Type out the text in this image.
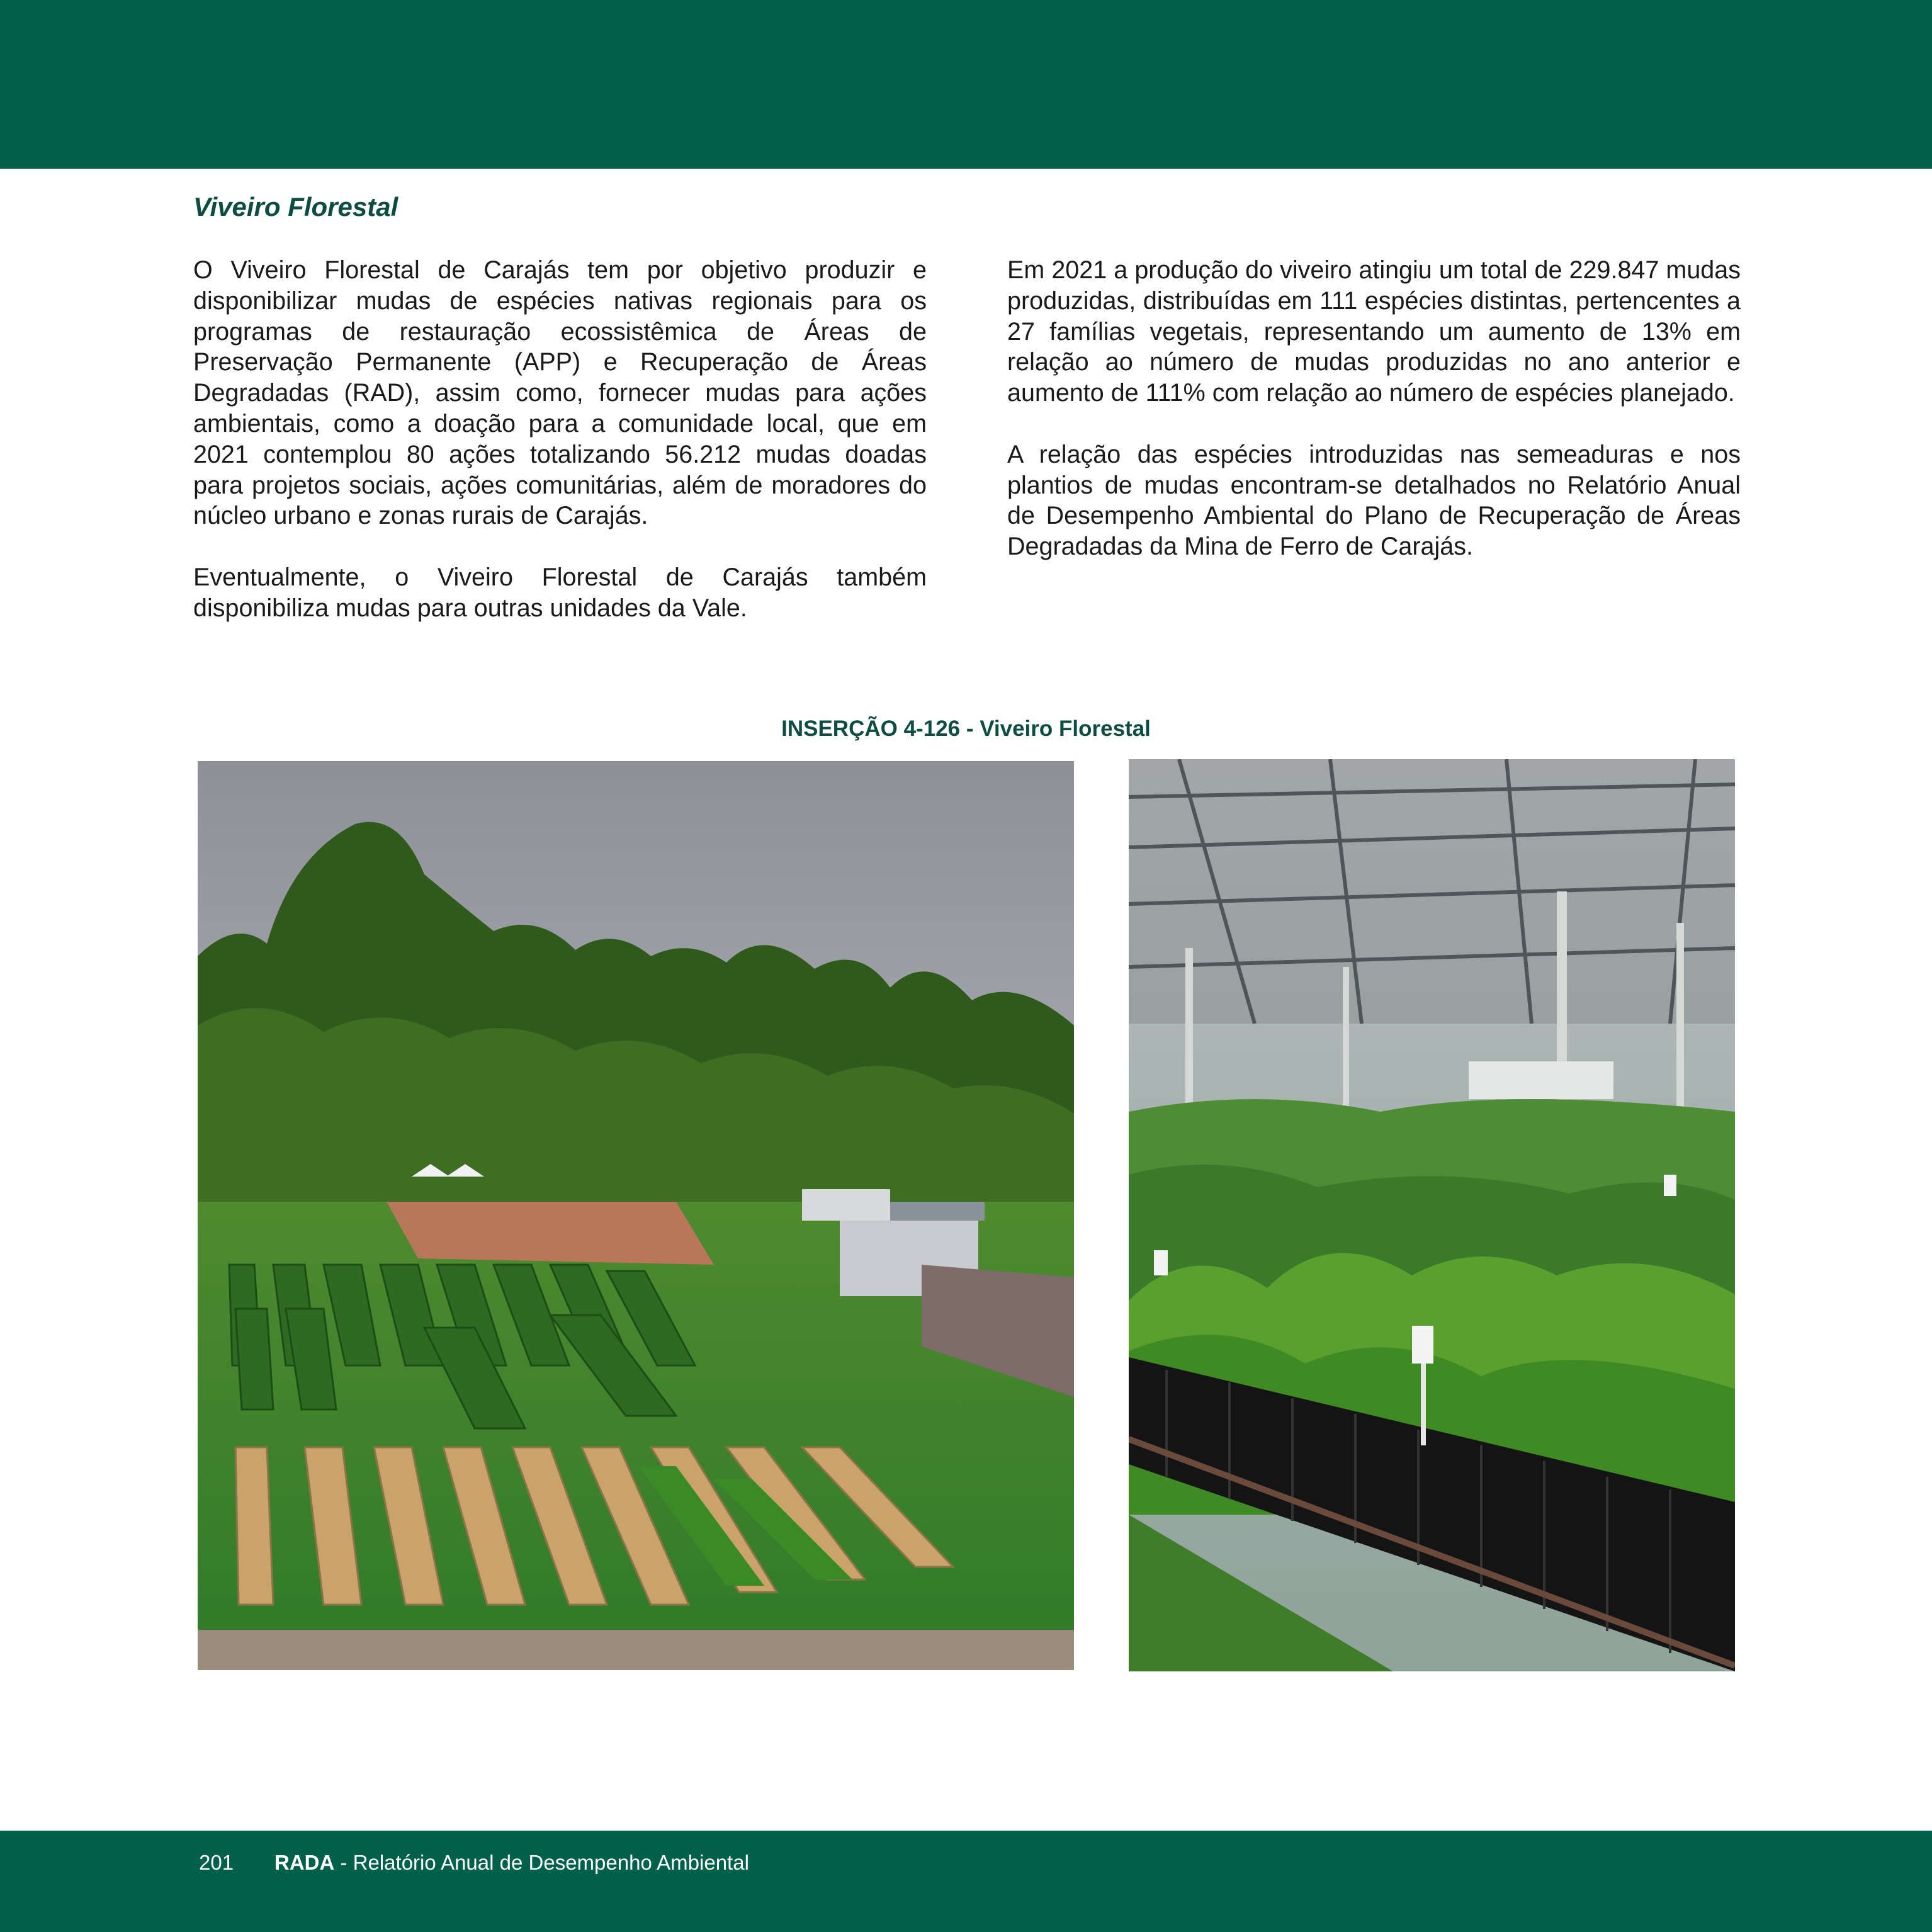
Viveiro Florestal

O Viveiro Florestal de Carajás tem por objetivo produzir e disponibilizar mudas de espécies nativas regionais para os programas de restauração ecossistêmica de Áreas de Preservação Permanente (APP) e Recuperação de Áreas Degradadas (RAD), assim como, fornecer mudas para ações ambientais, como a doação para a comunidade local, que em 2021 contemplou 80 ações totalizando 56.212 mudas doadas para projetos sociais, ações comunitárias, além de moradores do núcleo urbano e zonas rurais de Carajás.

Eventualmente, o Viveiro Florestal de Carajás também disponibiliza mudas para outras unidades da Vale.

Em 2021 a produção do viveiro atingiu um total de 229.847 mudas produzidas, distribuídas em 111 espécies distintas, pertencentes a 27 famílias vegetais, representando um aumento de 13% em relação ao número de mudas produzidas no ano anterior e aumento de 111% com relação ao número de espécies planejado.

A relação das espécies introduzidas nas semeaduras e nos plantios de mudas encontram-se detalhados no Relatório Anual de Desempenho Ambiental do Plano de Recuperação de Áreas Degradadas da Mina de Ferro de Carajás.

INSERÇÃO 4-126 - Viveiro Florestal
201 RADA - Relatório Anual de Desempenho Ambiental
